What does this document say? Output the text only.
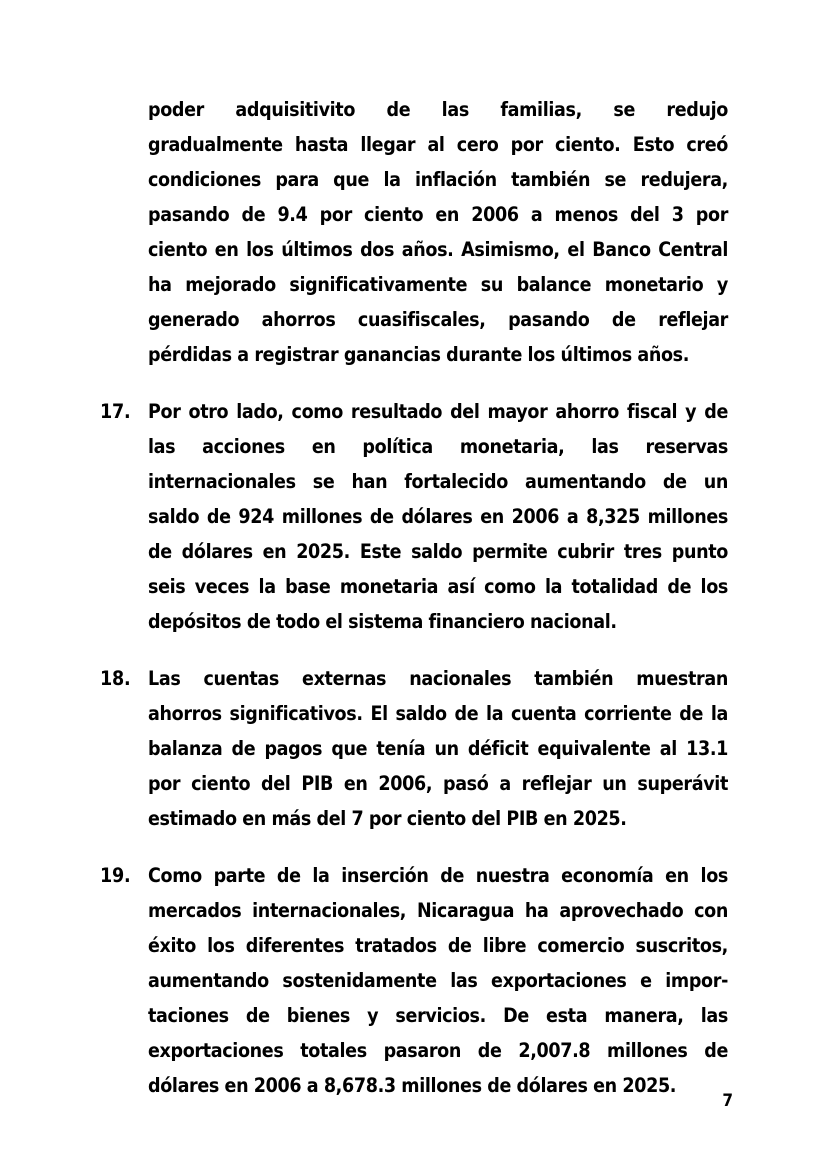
poder adquisitivito de las familias, se redujo
gradualmente hasta llegar al cero por ciento. Esto creó
condiciones para que la inflación también se redujera,
pasando de 9.4 por ciento en 2006 a menos del 3 por
ciento en los últimos dos años. Asimismo, el Banco Central
ha mejorado significativamente su balance monetario y
generado ahorros cuasifiscales, pasando de reflejar
pérdidas a registrar ganancias durante los últimos años.
17. Por otro lado, como resultado del mayor ahorro fiscal y de
las acciones en política monetaria, las reservas
internacionales se han fortalecido aumentando de un
saldo de 924 millones de dólares en 2006 a 8,325 millones
de dólares en 2025. Este saldo permite cubrir tres punto
seis veces la base monetaria así como la totalidad de los
depósitos de todo el sistema financiero nacional.
18. Las cuentas externas nacionales también muestran
ahorros significativos. El saldo de la cuenta corriente de la
balanza de pagos que tenía un déficit equivalente al 13.1
por ciento del PIB en 2006, pasó a reflejar un superávit
estimado en más del 7 por ciento del PIB en 2025.
19. Como parte de la inserción de nuestra economía en los
mercados internacionales, Nicaragua ha aprovechado con
éxito los diferentes tratados de libre comercio suscritos,
aumentando sostenidamente las exportaciones e impor-
taciones de bienes y servicios. De esta manera, las
exportaciones totales pasaron de 2,007.8 millones de
dólares en 2006 a 8,678.3 millones de dólares en 2025.
7
